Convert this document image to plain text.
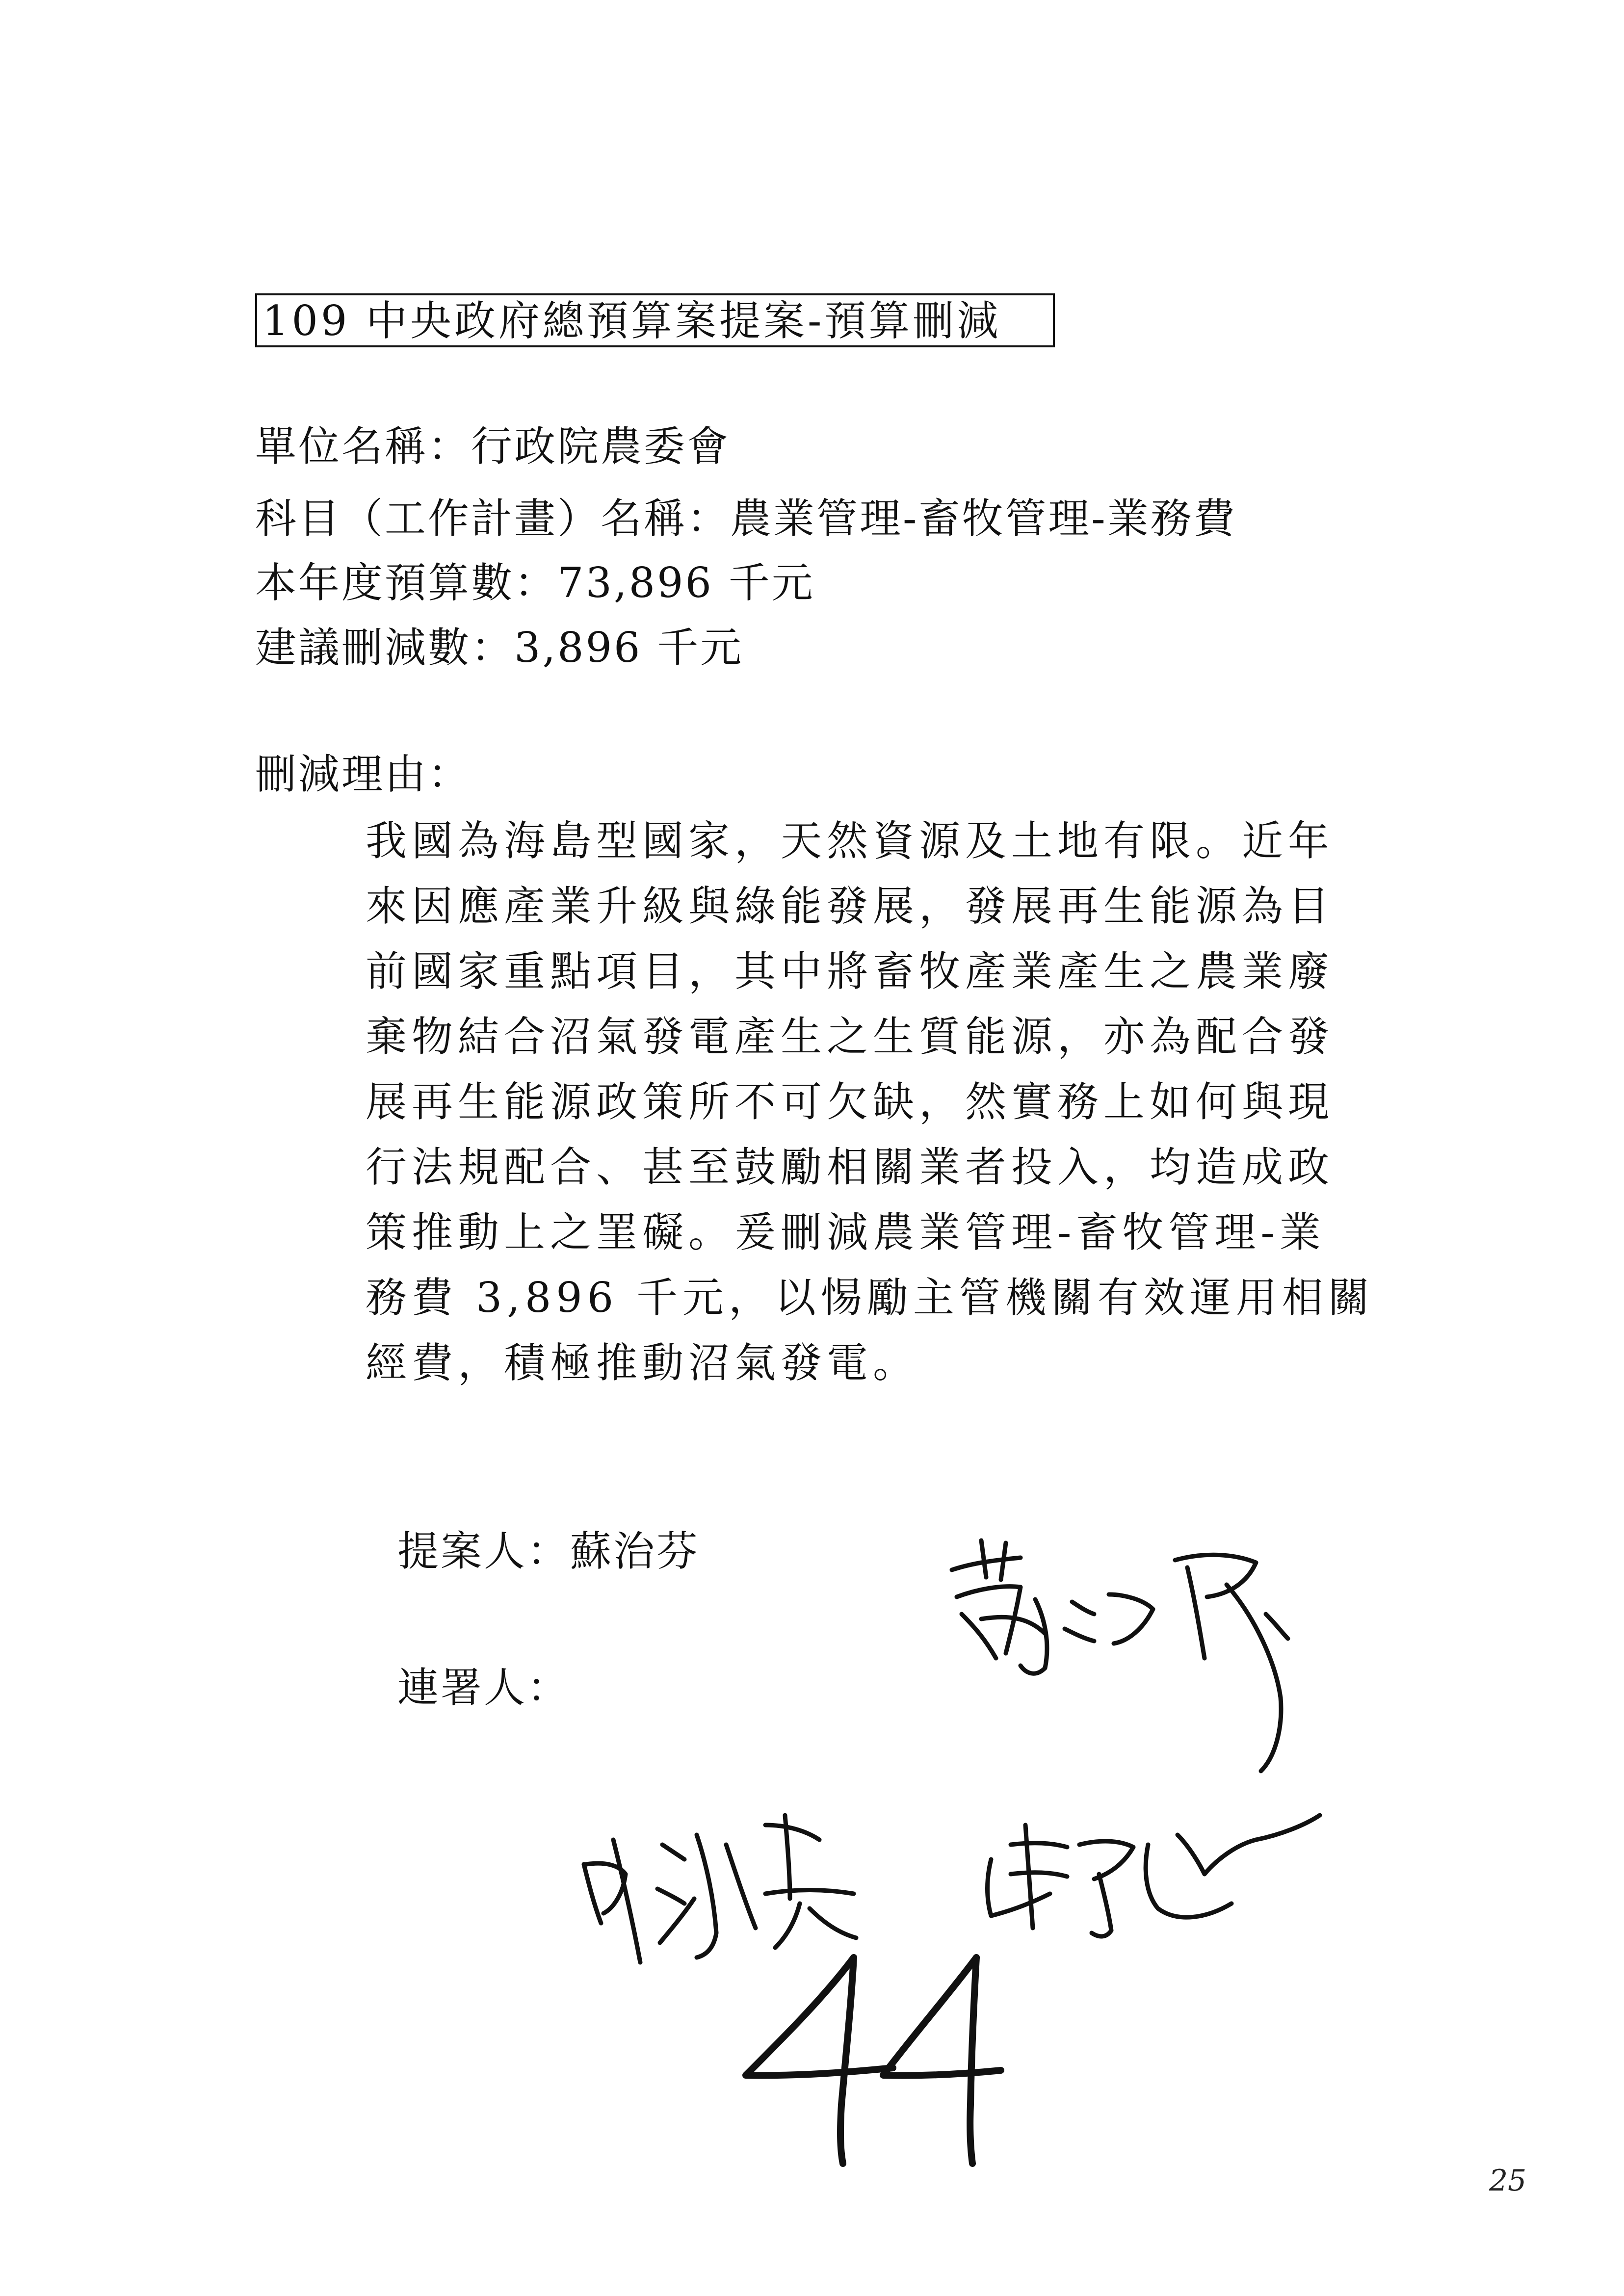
109 中央政府總預算案提案-預算刪減
單位名稱：行政院農委會
科目（工作計畫）名稱：農業管理-畜牧管理-業務費
本年度預算數：73,896 千元
建議刪減數：3,896 千元
刪減理由：
我國為海島型國家，天然資源及土地有限。近年
來因應產業升級與綠能發展，發展再生能源為目
前國家重點項目，其中將畜牧產業產生之農業廢
棄物結合沼氣發電產生之生質能源，亦為配合發
展再生能源政策所不可欠缺，然實務上如何與現
行法規配合、甚至鼓勵相關業者投入，均造成政
策推動上之罣礙。爰刪減農業管理-畜牧管理-業
務費 3,896 千元，以惕勵主管機關有效運用相關
經費，積極推動沼氣發電。
提案人：蘇治芬
連署人：
25
